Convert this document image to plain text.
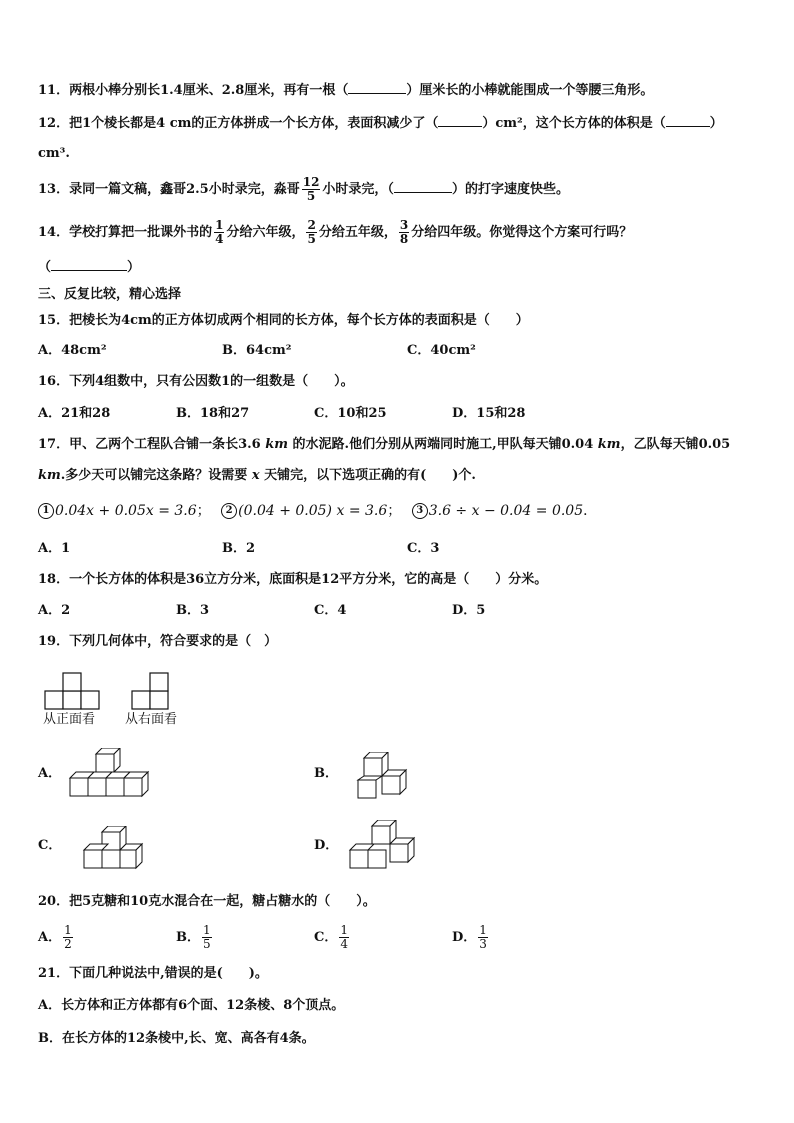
11．两根小棒分别长1.4厘米、2.8厘米，再有一根（	）厘米长的小棒就能围成一个等腰三角形。
12．把1个棱长都是4 cm的正方体拼成一个长方体，表面积减少了（	）cm²，这个长方体的体积是（	）
cm³.
13．录同一篇文稿，鑫哥2.5小时录完，淼哥 $\frac{12}{5}$ 小时录完，（	）的打字速度快些。
14．学校打算把一批课外书的 $\frac{1}{4}$ 分给六年级， $\frac{2}{5}$ 分给五年级， $\frac{3}{8}$ 分给四年级。你觉得这个方案可行吗？
（	）
三、反复比较，精心选择
15．把棱长为4cm的正方体切成两个相同的长方体，每个长方体的表面积是（　　）
A．48cm²	B．64cm²	C．40cm²
16．下列4组数中，只有公因数1的一组数是（　　）。
A．21和28	B．18和27	C．10和25	D．15和28
17．甲、乙两个工程队合铺一条长3.6 km 的水泥路.他们分别从两端同时施工,甲队每天铺0.04 km，乙队每天铺0.05
km.多少天可以铺完这条路？设需要 x 天铺完，以下选项正确的有(　　)个.
1 0.04x + 0.05x = 3.6； 2 (0.04 + 0.05) x = 3.6； 3 3.6 ÷ x − 0.04 = 0.05．
A．1	B．2	C．3
18．一个长方体的体积是36立方分米，底面积是12平方分米，它的高是（　　）分米。
A．2	B．3	C．4	D．5
19．下列几何体中，符合要求的是（　）
从正面看 从右面看
A．	B．
C．	D．
20．把5克糖和10克水混合在一起，糖占糖水的（　　）。
A． $\frac{1}{2}$	B． $\frac{1}{5}$	C． $\frac{1}{4}$	D． $\frac{1}{3}$
21．下面几种说法中,错误的是(　　)。
A．长方体和正方体都有6个面、12条棱、8个顶点。
B．在长方体的12条棱中,长、宽、高各有4条。
